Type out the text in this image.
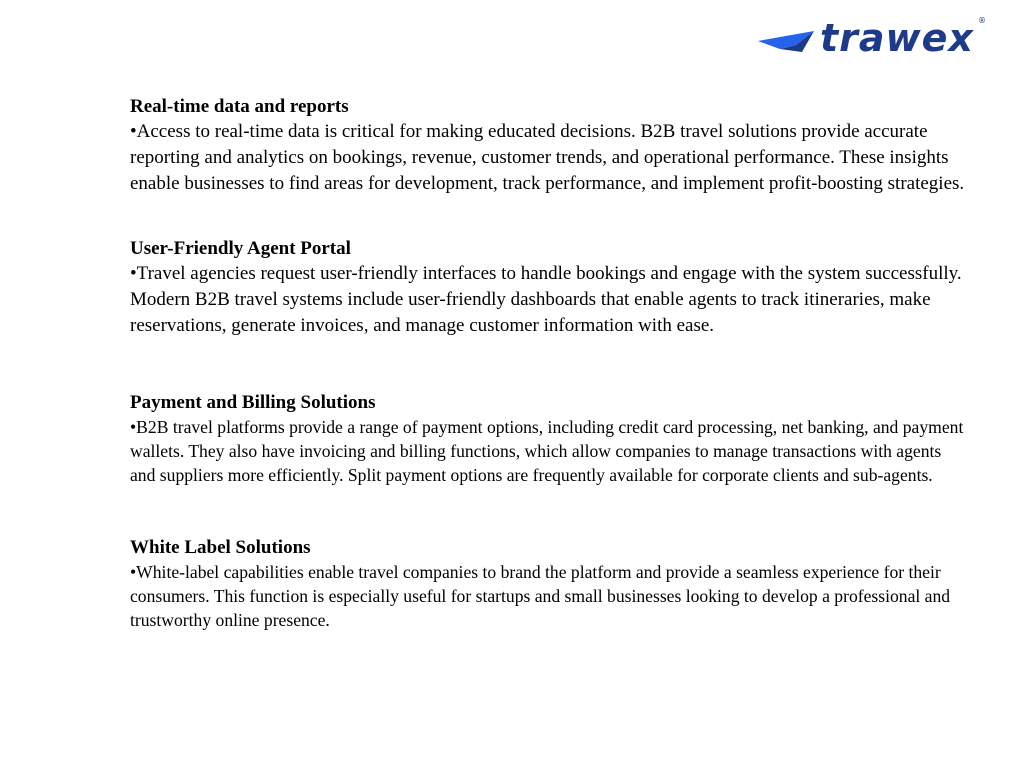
trawex ®

Real-time data and reports

•Access to real-time data is critical for making educated decisions. B2B travel solutions provide accurate reporting and analytics on bookings, revenue, customer trends, and operational performance. These insights enable businesses to find areas for development, track performance, and implement profit-boosting strategies.

User-Friendly Agent Portal

•Travel agencies request user-friendly interfaces to handle bookings and engage with the system successfully. Modern B2B travel systems include user-friendly dashboards that enable agents to track itineraries, make reservations, generate invoices, and manage customer information with ease.

Payment and Billing Solutions

•B2B travel platforms provide a range of payment options, including credit card processing, net banking, and payment wallets. They also have invoicing and billing functions, which allow companies to manage transactions with agents and suppliers more efficiently. Split payment options are frequently available for corporate clients and sub-agents.

White Label Solutions

•White-label capabilities enable travel companies to brand the platform and provide a seamless experience for their consumers. This function is especially useful for startups and small businesses looking to develop a professional and trustworthy online presence.
